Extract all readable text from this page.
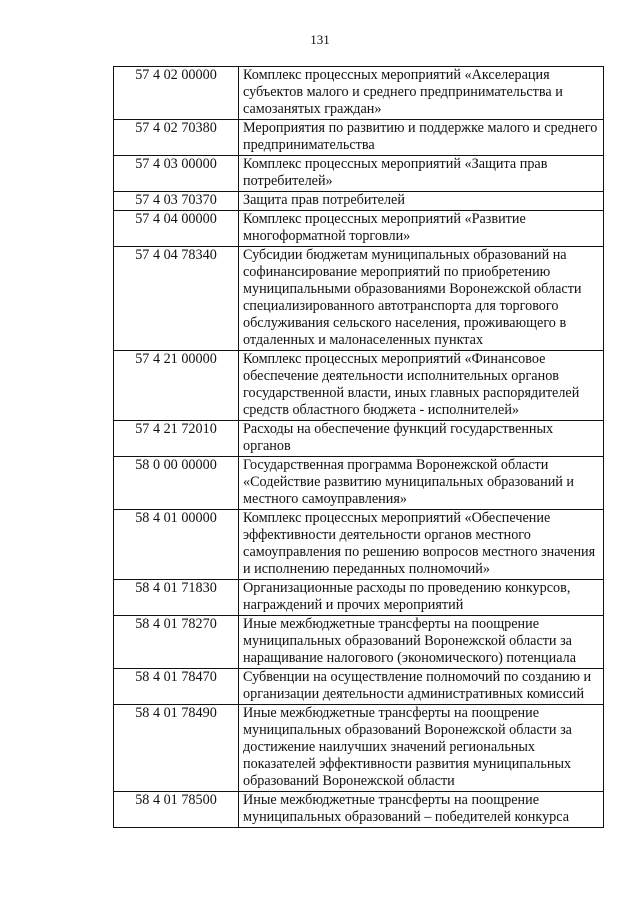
131
57 4 02 00000	Комплекс процессных мероприятий «Акселерация субъектов малого и среднего предпринимательства и самозанятых граждан»
57 4 02 70380	Мероприятия по развитию и поддержке малого и среднего предпринимательства
57 4 03 00000	Комплекс процессных мероприятий «Защита прав потребителей»
57 4 03 70370	Защита прав потребителей
57 4 04 00000	Комплекс процессных мероприятий «Развитие многоформатной торговли»
57 4 04 78340	Субсидии бюджетам муниципальных образований на софинансирование мероприятий по приобретению муниципальными образованиями Воронежской области специализированного автотранспорта для торгового обслуживания сельского населения, проживающего в отдаленных и малонаселенных пунктах
57 4 21 00000	Комплекс процессных мероприятий «Финансовое обеспечение деятельности исполнительных органов государственной власти, иных главных распорядителей средств областного бюджета - исполнителей»
57 4 21 72010	Расходы на обеспечение функций государственных органов
58 0 00 00000	Государственная программа Воронежской области «Содействие развитию муниципальных образований и местного самоуправления»
58 4 01 00000	Комплекс процессных мероприятий «Обеспечение эффективности деятельности органов местного самоуправления по решению вопросов местного значения и исполнению переданных полномочий»
58 4 01 71830	Организационные расходы по проведению конкурсов, награждений и прочих мероприятий
58 4 01 78270	Иные межбюджетные трансферты на поощрение муниципальных образований Воронежской области за наращивание налогового (экономического) потенциала
58 4 01 78470	Субвенции на осуществление полномочий по созданию и организации деятельности административных комиссий
58 4 01 78490	Иные межбюджетные трансферты на поощрение муниципальных образований Воронежской области за достижение наилучших значений региональных показателей эффективности развития муниципальных образований Воронежской области
58 4 01 78500	Иные межбюджетные трансферты на поощрение муниципальных образований – победителей конкурса
